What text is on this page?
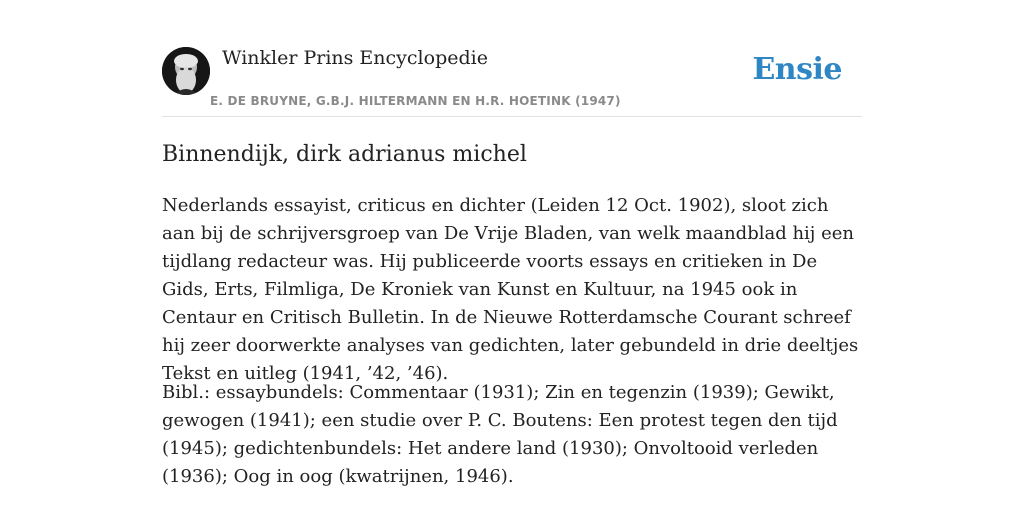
Winkler Prins Encyclopedie
E. DE BRUYNE, G.B.J. HILTERMANN EN H.R. HOETINK (1947)
Ensie
Binnendijk, dirk adrianus michel

Nederlands essayist, criticus en dichter (Leiden 12 Oct. 1902), sloot zich aan bij de schrijversgroep van De Vrije Bladen, van welk maandblad hij een tijdlang redacteur was. Hij publiceerde voorts essays en critieken in De Gids, Erts, Filmliga, De Kroniek van Kunst en Kultuur, na 1945 ook in Centaur en Critisch Bulletin. In de Nieuwe Rotterdamsche Courant schreef hij zeer doorwerkte analyses van gedichten, later gebundeld in drie deeltjes Tekst en uitleg (1941, ’42, ’46).

Bibl.: essaybundels: Commentaar (1931); Zin en tegenzin (1939); Gewikt, gewogen (1941); een studie over P. C. Boutens: Een protest tegen den tijd (1945); gedichtenbundels: Het andere land (1930); Onvoltooid verleden (1936); Oog in oog (kwatrijnen, 1946).
